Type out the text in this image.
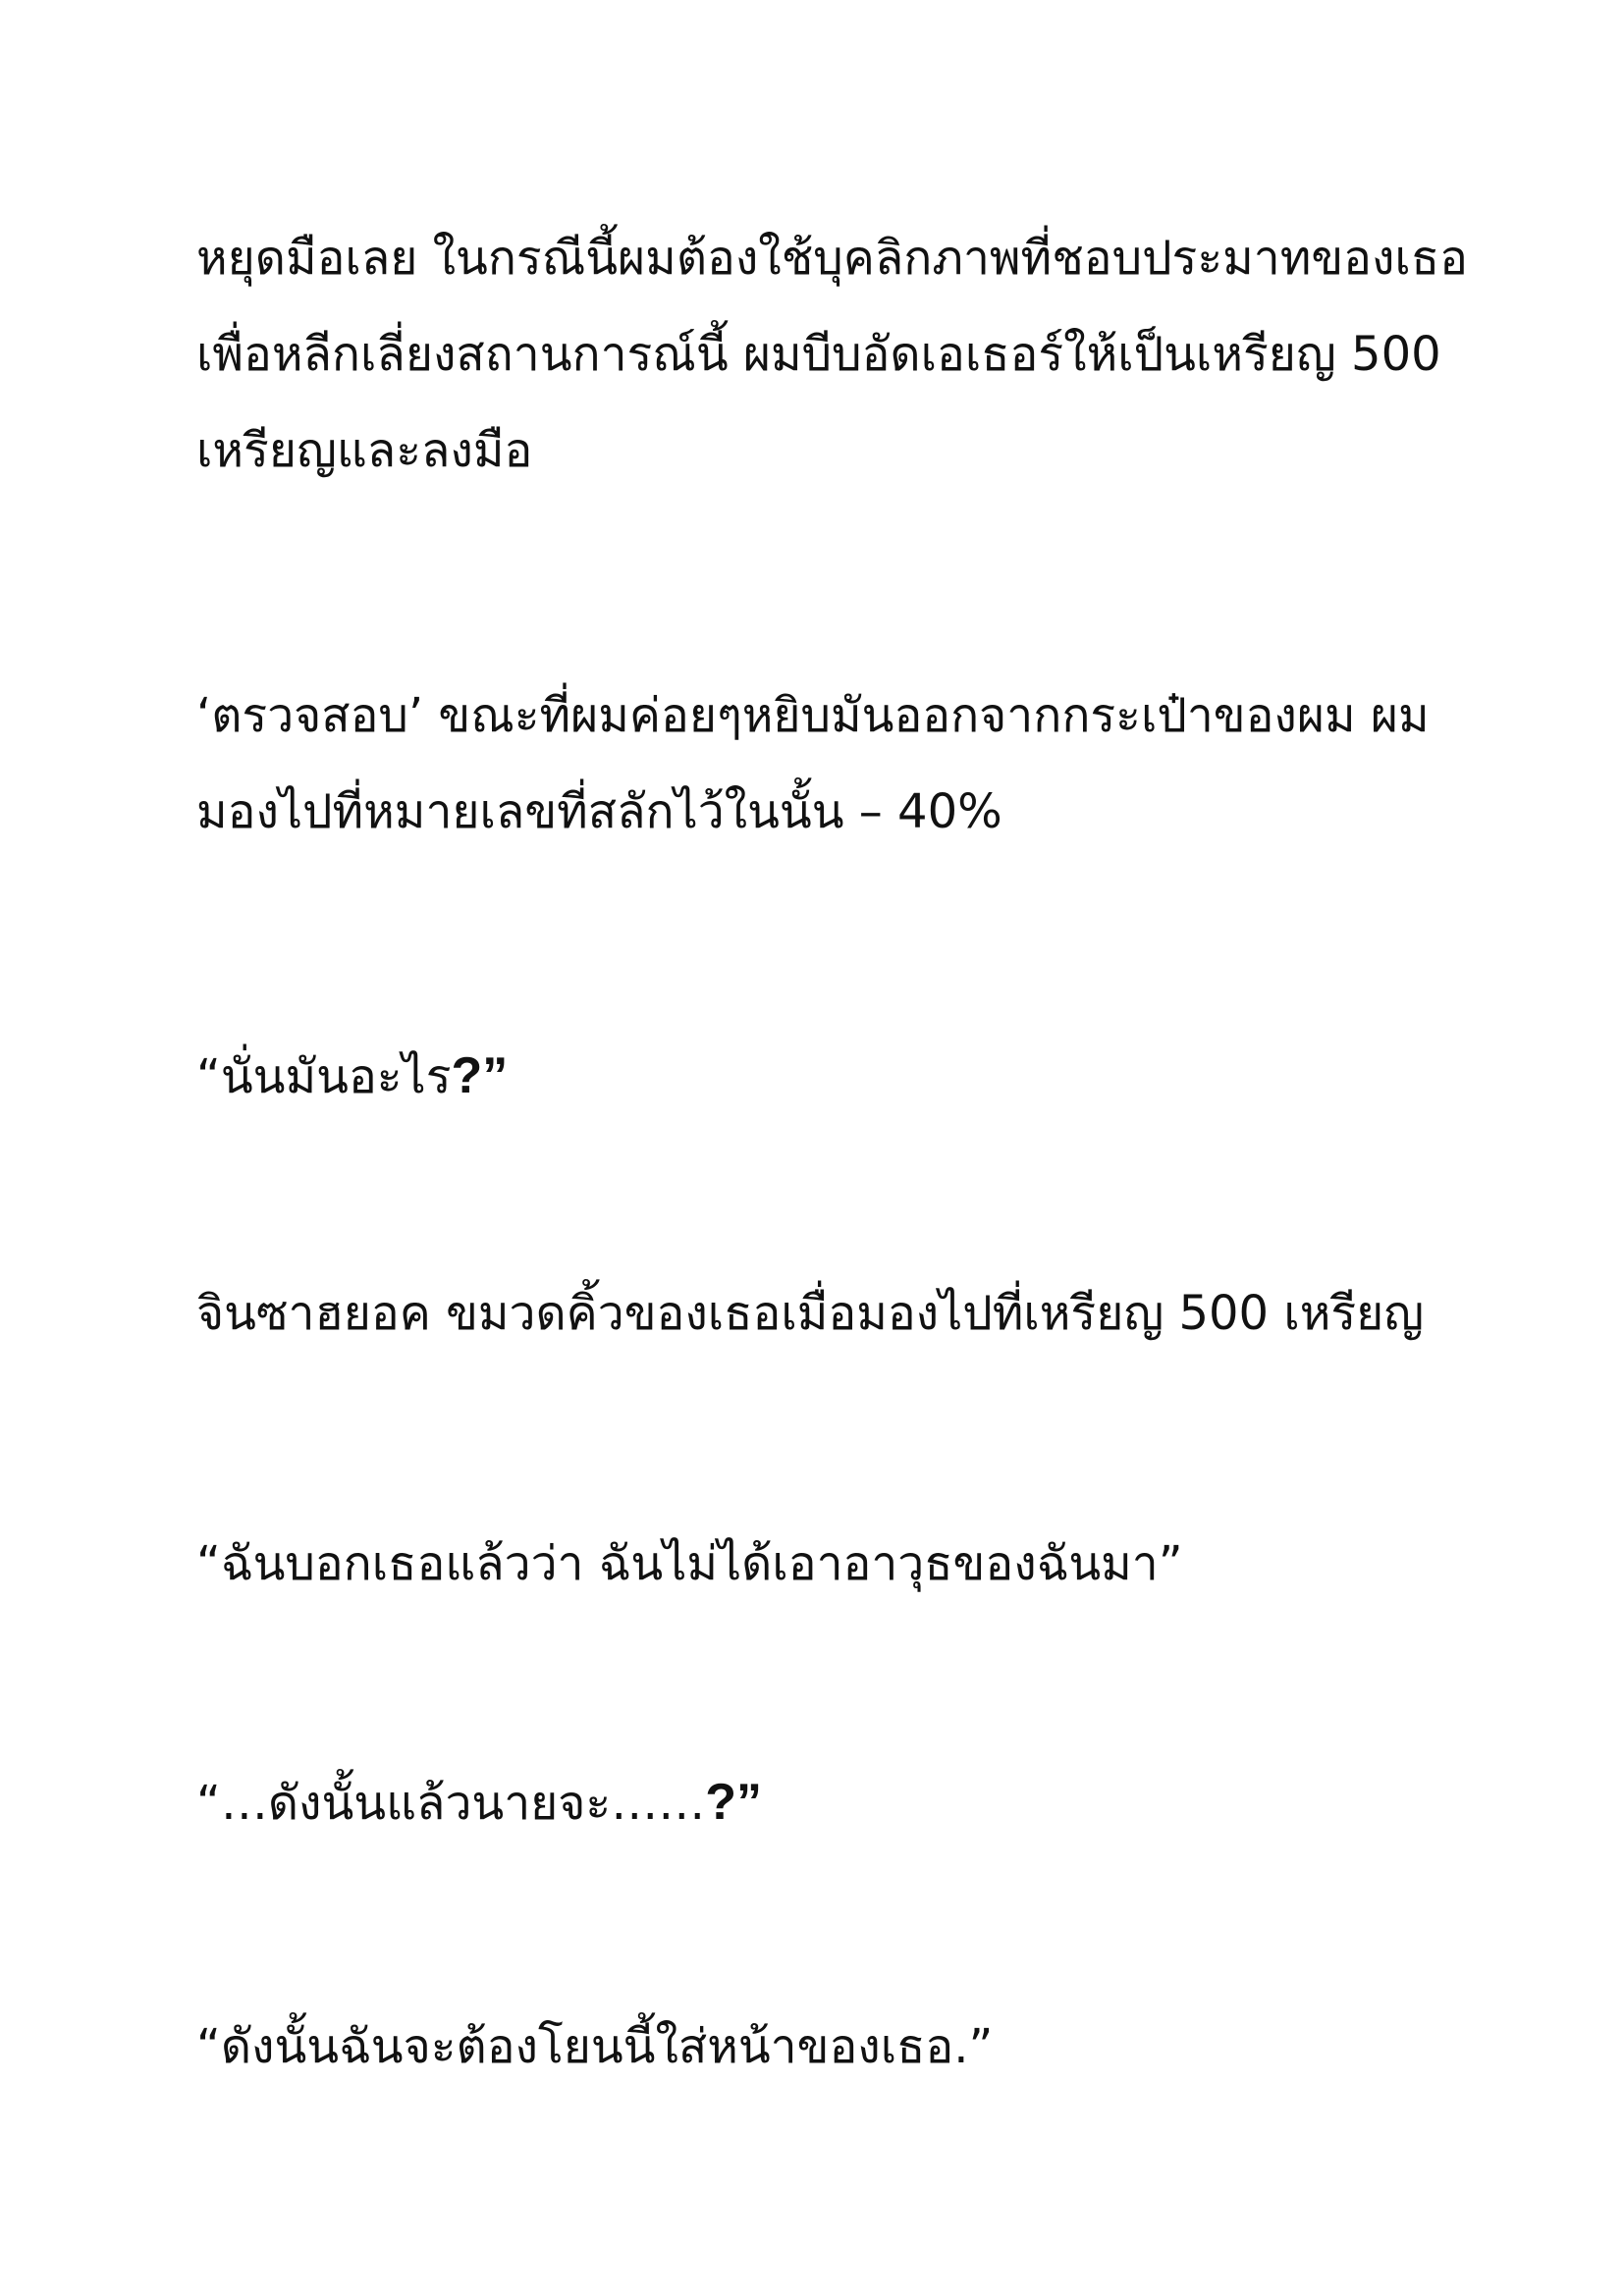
หยุดมือเลย ในกรณีนี้ผมต้องใช้บุคลิกภาพที่ชอบประมาทของเธอ
เพื่อหลีกเลี่ยงสถานการณ์นี้ ผมบีบอัดเอเธอร์ให้เป็นเหรียญ 500
เหรียญและลงมือ

‘ตรวจสอบ’ ขณะที่ผมค่อยๆหยิบมันออกจากกระเป๋าของผม ผม
มองไปที่หมายเลขที่สลักไว้ในนั้น – 40%

“นั่นมันอะไร?”

จินซาฮยอค ขมวดคิ้วของเธอเมื่อมองไปที่เหรียญ 500 เหรียญ

“ฉันบอกเธอแล้วว่า ฉันไม่ได้เอาอาวุธของฉันมา”

“…ดังนั้นแล้วนายจะ……?”

“ดังนั้นฉันจะต้องโยนนี้ใส่หน้าของเธอ.”
